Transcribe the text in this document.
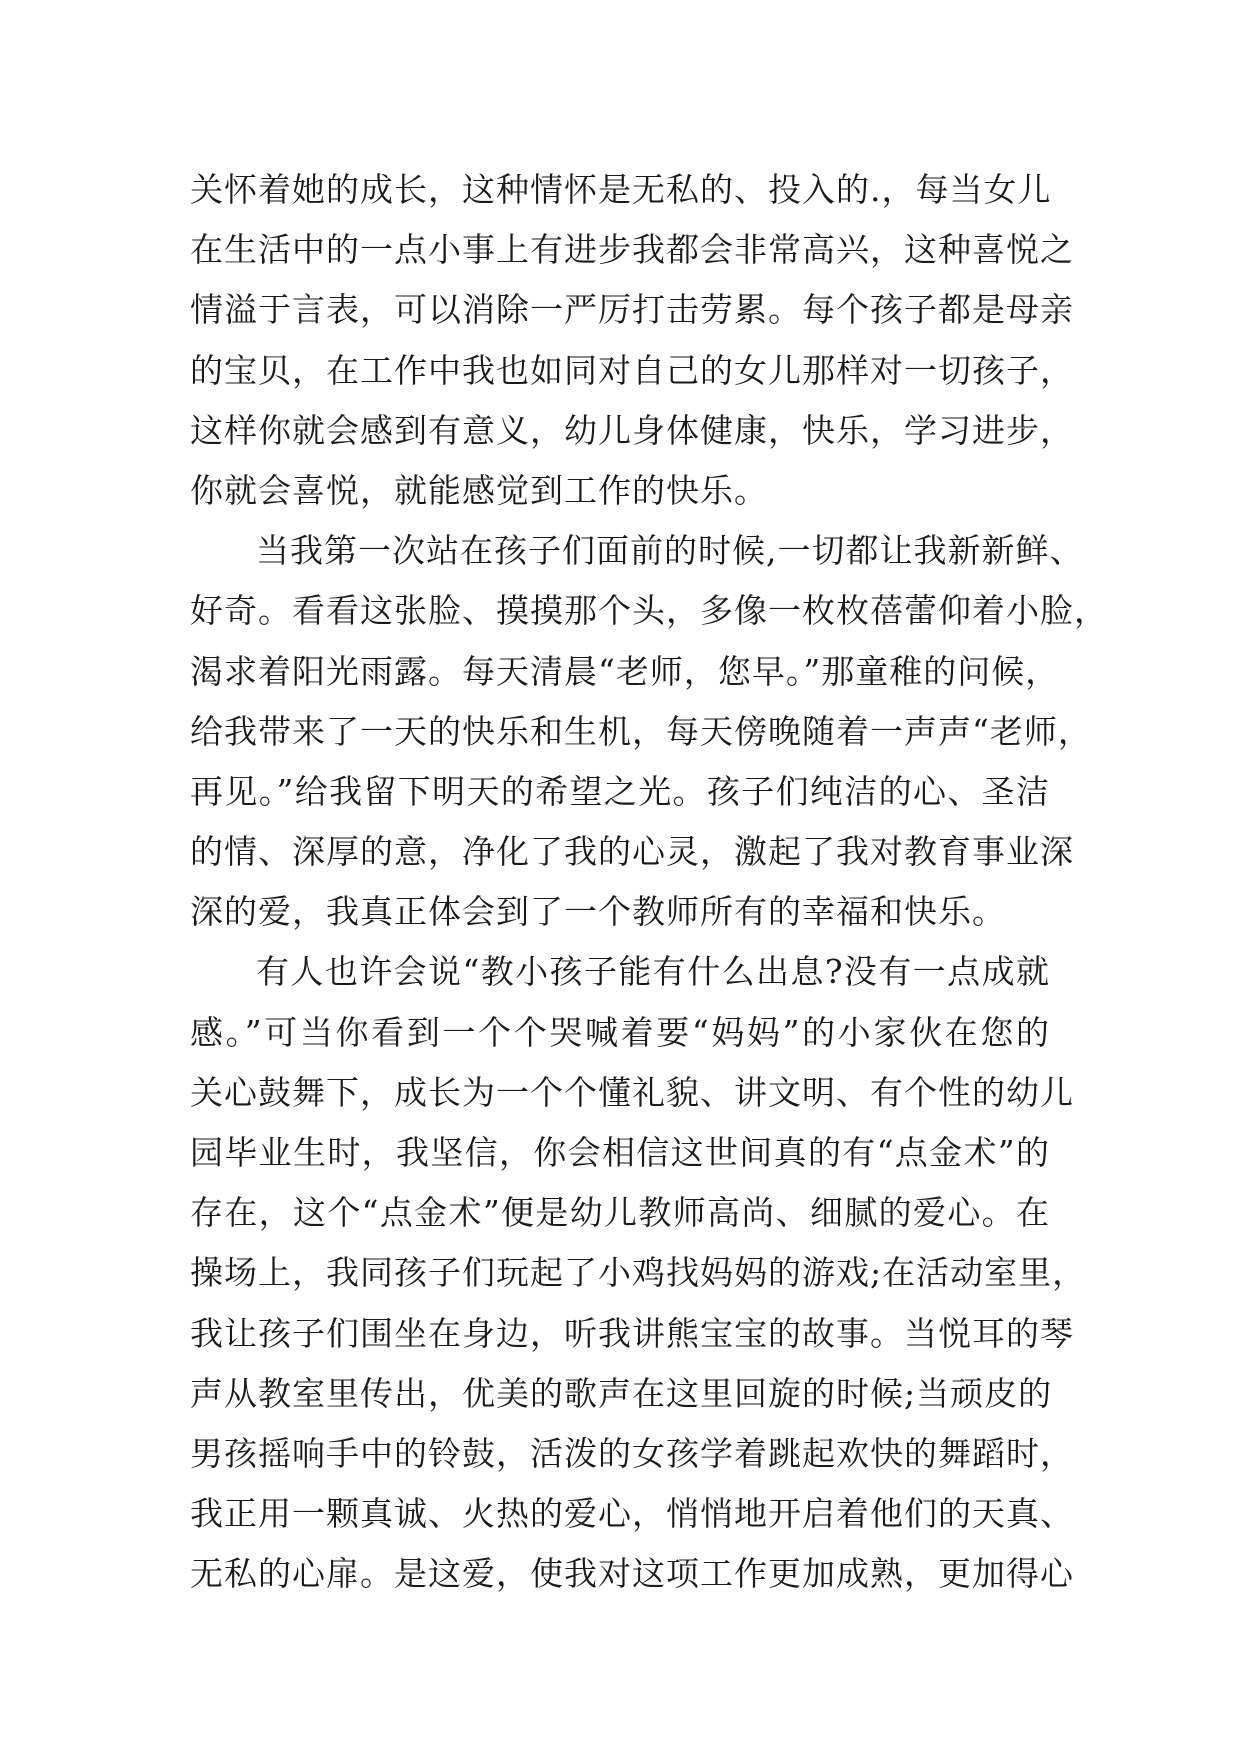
关怀着她的成长，这种情怀是无私的、投入的.，每当女儿
在生活中的一点小事上有进步我都会非常高兴，这种喜悦之
情溢于言表，可以消除一严厉打击劳累。每个孩子都是母亲
的宝贝，在工作中我也如同对自己的女儿那样对一切孩子，
这样你就会感到有意义，幼儿身体健康，快乐，学习进步，
你就会喜悦，就能感觉到工作的快乐。
当我第一次站在孩子们面前的时候,一切都让我新新鲜、
好奇。看看这张脸、摸摸那个头，多像一枚枚蓓蕾仰着小脸，
渴求着阳光雨露。每天清晨“老师，您早。”那童稚的问候，
给我带来了一天的快乐和生机，每天傍晚随着一声声“老师，
再见。”给我留下明天的希望之光。孩子们纯洁的心、圣洁
的情、深厚的意，净化了我的心灵，激起了我对教育事业深
深的爱，我真正体会到了一个教师所有的幸福和快乐。
有人也许会说“教小孩子能有什么出息?没有一点成就
感。”可当你看到一个个哭喊着要“妈妈”的小家伙在您的
关心鼓舞下，成长为一个个懂礼貌、讲文明、有个性的幼儿
园毕业生时，我坚信，你会相信这世间真的有“点金术”的
存在，这个“点金术”便是幼儿教师高尚、细腻的爱心。在
操场上，我同孩子们玩起了小鸡找妈妈的游戏;在活动室里，
我让孩子们围坐在身边，听我讲熊宝宝的故事。当悦耳的琴
声从教室里传出，优美的歌声在这里回旋的时候;当顽皮的
男孩摇响手中的铃鼓，活泼的女孩学着跳起欢快的舞蹈时，
我正用一颗真诚、火热的爱心，悄悄地开启着他们的天真、
无私的心扉。是这爱，使我对这项工作更加成熟，更加得心
